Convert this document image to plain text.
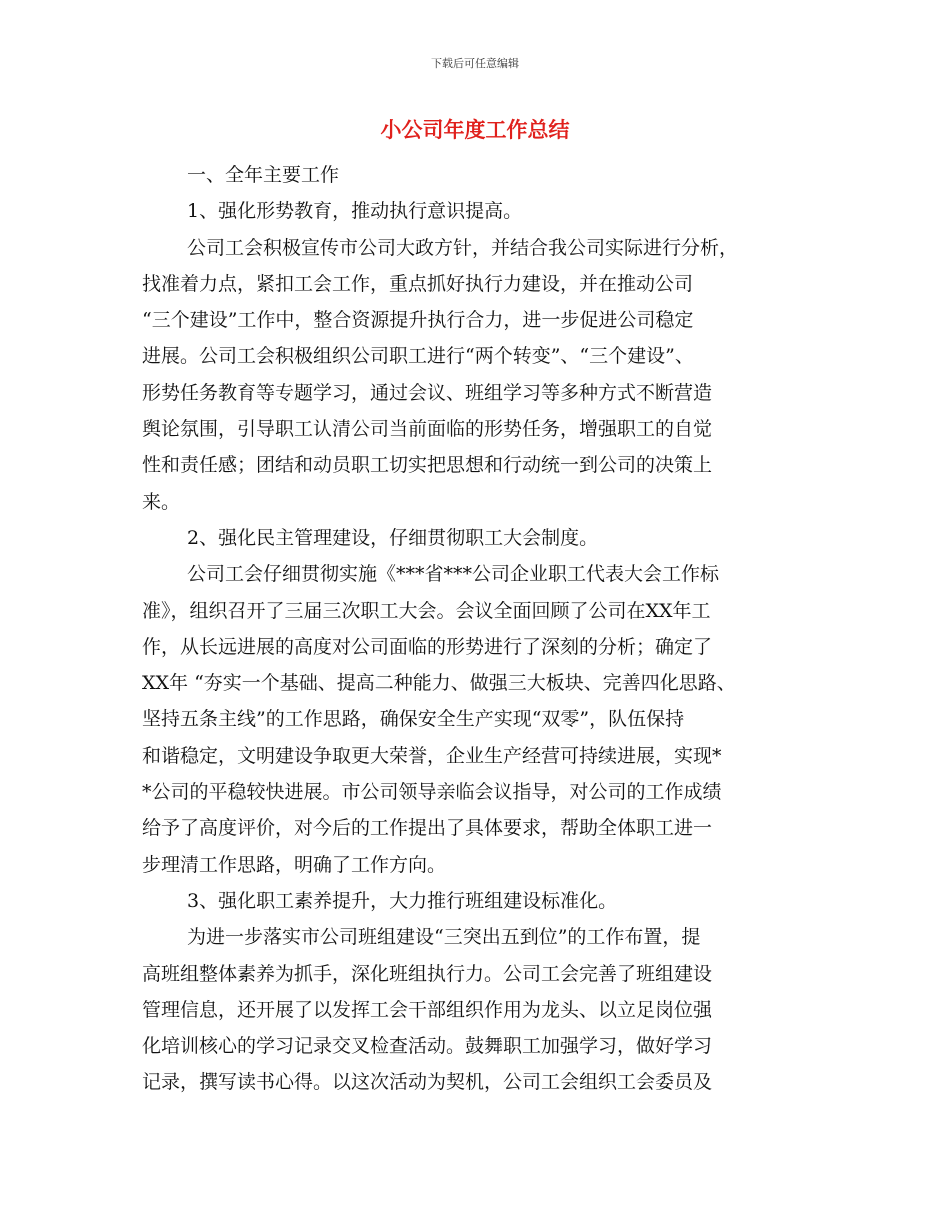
下载后可任意编辑
小公司年度工作总结
一、全年主要工作
1、强化形势教育，推动执行意识提高。
公司工会积极宣传市公司大政方针，并结合我公司实际进行分析，
找准着力点，紧扣工会工作，重点抓好执行力建设，并在推动公司
“三个建设”工作中，整合资源提升执行合力，进一步促进公司稳定
进展。公司工会积极组织公司职工进行“两个转变”、“三个建设”、
形势任务教育等专题学习，通过会议、班组学习等多种方式不断营造
舆论氛围，引导职工认清公司当前面临的形势任务，增强职工的自觉
性和责任感；团结和动员职工切实把思想和行动统一到公司的决策上
来。
2、强化民主管理建设，仔细贯彻职工大会制度。
公司工会仔细贯彻实施《***省***公司企业职工代表大会工作标
准》，组织召开了三届三次职工大会。会议全面回顾了公司在XX年工
作，从长远进展的高度对公司面临的形势进行了深刻的分析；确定了
XX年 “夯实一个基础、提高二种能力、做强三大板块、完善四化思路、
坚持五条主线”的工作思路，确保安全生产实现“双零”，队伍保持
和谐稳定，文明建设争取更大荣誉，企业生产经营可持续进展，实现*
*公司的平稳较快进展。市公司领导亲临会议指导，对公司的工作成绩
给予了高度评价，对今后的工作提出了具体要求，帮助全体职工进一
步理清工作思路，明确了工作方向。
3、强化职工素养提升，大力推行班组建设标准化。
为进一步落实市公司班组建设“三突出五到位”的工作布置，提
高班组整体素养为抓手，深化班组执行力。公司工会完善了班组建设
管理信息，还开展了以发挥工会干部组织作用为龙头、以立足岗位强
化培训核心的学习记录交叉检查活动。鼓舞职工加强学习，做好学习
记录，撰写读书心得。以这次活动为契机，公司工会组织工会委员及
